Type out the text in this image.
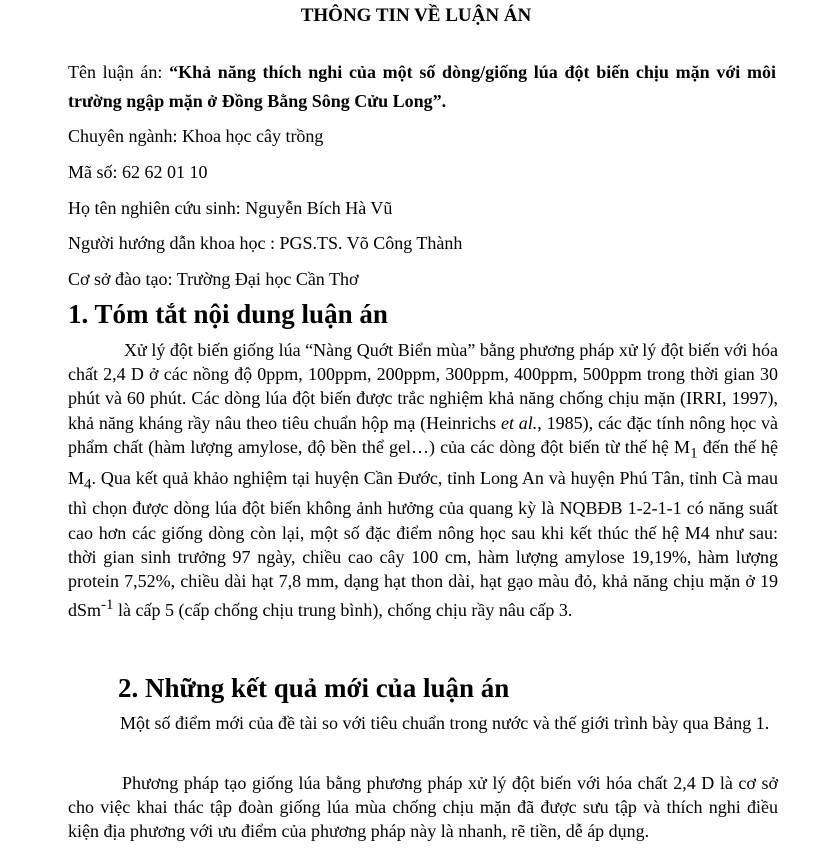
THÔNG TIN VỀ LUẬN ÁN

Tên luận án: “Khả năng thích nghi của một số dòng/giống lúa đột biến chịu mặn với môi trường ngập mặn ở Đồng Bằng Sông Cửu Long”.

Chuyên ngành: Khoa học cây trồng

Mã số: 62 62 01 10

Họ tên nghiên cứu sinh: Nguyễn Bích Hà Vũ

Người hướng dẫn khoa học : PGS.TS. Võ Công Thành

Cơ sở đào tạo: Trường Đại học Cần Thơ

1. Tóm tắt nội dung luận án

Xử lý đột biến giống lúa “Nàng Quớt Biển mùa” bằng phương pháp xử lý đột biến với hóa chất 2,4 D ở các nồng độ 0ppm, 100ppm, 200ppm, 300ppm, 400ppm, 500ppm trong thời gian 30 phút và 60 phút. Các dòng lúa đột biến được trắc nghiệm khả năng chống chịu mặn (IRRI, 1997), khả năng kháng rầy nâu theo tiêu chuẩn hộp mạ (Heinrichs et al., 1985), các đặc tính nông học và phẩm chất (hàm lượng amylose, độ bền thể gel…) của các dòng đột biến từ thế hệ $M_1$ đến thế hệ $M_4$. Qua kết quả khảo nghiệm tại huyện Cần Đước, tỉnh Long An và huyện Phú Tân, tỉnh Cà mau thì chọn được dòng lúa đột biến không ảnh hưởng của quang kỳ là NQBĐB 1-2-1-1 có năng suất cao hơn các giống dòng còn lại, một số đặc điểm nông học sau khi kết thúc thế hệ M4 như sau: thời gian sinh trưởng 97 ngày, chiều cao cây 100 cm, hàm lượng amylose 19,19%, hàm lượng protein 7,52%, chiều dài hạt 7,8 mm, dạng hạt thon dài, hạt gạo màu đỏ, khả năng chịu mặn ở 19 dSm$^{-1}$ là cấp 5 (cấp chống chịu trung bình), chống chịu rầy nâu cấp 3.

2. Những kết quả mới của luận án

Một số điểm mới của đề tài so với tiêu chuẩn trong nước và thế giới trình bày qua Bảng 1.

Phương pháp tạo giống lúa bằng phương pháp xử lý đột biến với hóa chất 2,4 D là cơ sở cho việc khai thác tập đoàn giống lúa mùa chống chịu mặn đã được sưu tập và thích nghi điều kiện địa phương với ưu điểm của phương pháp này là nhanh, rẽ tiền, dễ áp dụng.
